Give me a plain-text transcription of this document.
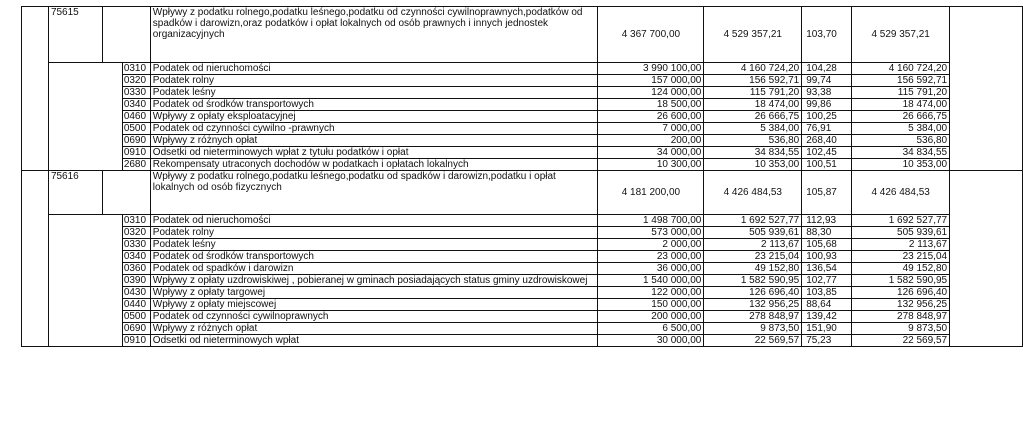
	75615			Wpływy z podatku rolnego,podatku leśnego,podatku od czynności cywilnoprawnych,podatków od spadków i darowizn,oraz podatków i opłat lokalnych od osób prawnych i innych jednostek organizacyjnych	4 367 700,00	4 529 357,21	103,70	4 529 357,21	
			0310	Podatek od nieruchomości	3 990 100,00	4 160 724,20	104,28	4 160 724,20	
			0320	Podatek rolny	157 000,00	156 592,71	99,74	156 592,71	
			0330	Podatek leśny	124 000,00	115 791,20	93,38	115 791,20	
			0340	Podatek od środków transportowych	18 500,00	18 474,00	99,86	18 474,00	
			0460	Wpływy z opłaty eksploatacyjnej	26 600,00	26 666,75	100,25	26 666,75	
			0500	Podatek od czynności cywilno -prawnych	7 000,00	5 384,00	76,91	5 384,00	
			0690	Wpływy z różnych opłat	200,00	536,80	268,40	536,80	
			0910	Odsetki od nieterminowych wpłat z tytułu podatków i opłat	34 000,00	34 834,55	102,45	34 834,55	
			2680	Rekompensaty utraconych dochodów w podatkach i opłatach lokalnych	10 300,00	10 353,00	100,51	10 353,00	
	75616			Wpływy z podatku rolnego,podatku leśnego,podatku od spadków i darowizn,podatku i opłat lokalnych od osób fizycznych	4 181 200,00	4 426 484,53	105,87	4 426 484,53	
			0310	Podatek od nieruchomości	1 498 700,00	1 692 527,77	112,93	1 692 527,77	
			0320	Podatek rolny	573 000,00	505 939,61	88,30	505 939,61	
			0330	Podatek leśny	2 000,00	2 113,67	105,68	2 113,67	
			0340	Podatek od środków transportowych	23 000,00	23 215,04	100,93	23 215,04	
			0360	Podatek od spadków i darowizn	36 000,00	49 152,80	136,54	49 152,80	
			0390	Wpływy z opłaty uzdrowiskiwej , pobieranej w gminach posiadających status gminy uzdrowiskowej	1 540 000,00	1 582 590,95	102,77	1 582 590,95	
			0430	Wpływy z opłaty targowej	122 000,00	126 696,40	103,85	126 696,40	
			0440	Wpływy z opłaty miejscowej	150 000,00	132 956,25	88,64	132 956,25	
			0500	Podatek od czynności cywilnoprawnych	200 000,00	278 848,97	139,42	278 848,97	
			0690	Wpływy z różnych opłat	6 500,00	9 873,50	151,90	9 873,50	
			0910	Odsetki od nieterminowych wpłat	30 000,00	22 569,57	75,23	22 569,57	
